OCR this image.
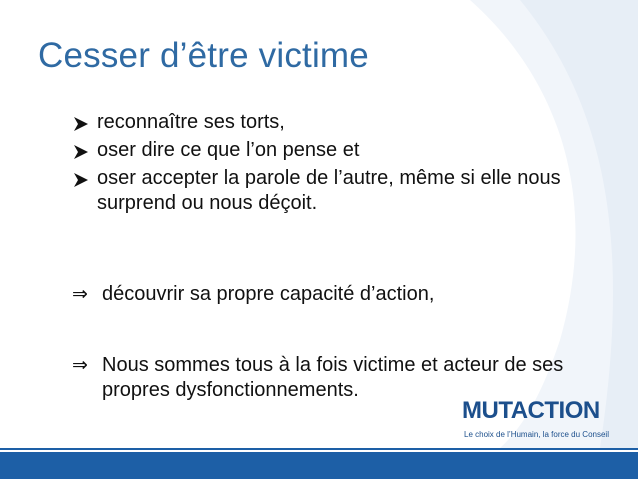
Cesser d’être victime
reconnaître ses torts,
oser dire ce que l’on pense et
oser accepter la parole de l’autre, même si elle nous surprend ou nous déçoit.
⇒ découvrir sa propre capacité d’action,
⇒ Nous sommes tous à la fois victime et acteur de ses propres dysfonctionnements.
MUTACTION
Le choix de l’Humain, la force du Conseil
